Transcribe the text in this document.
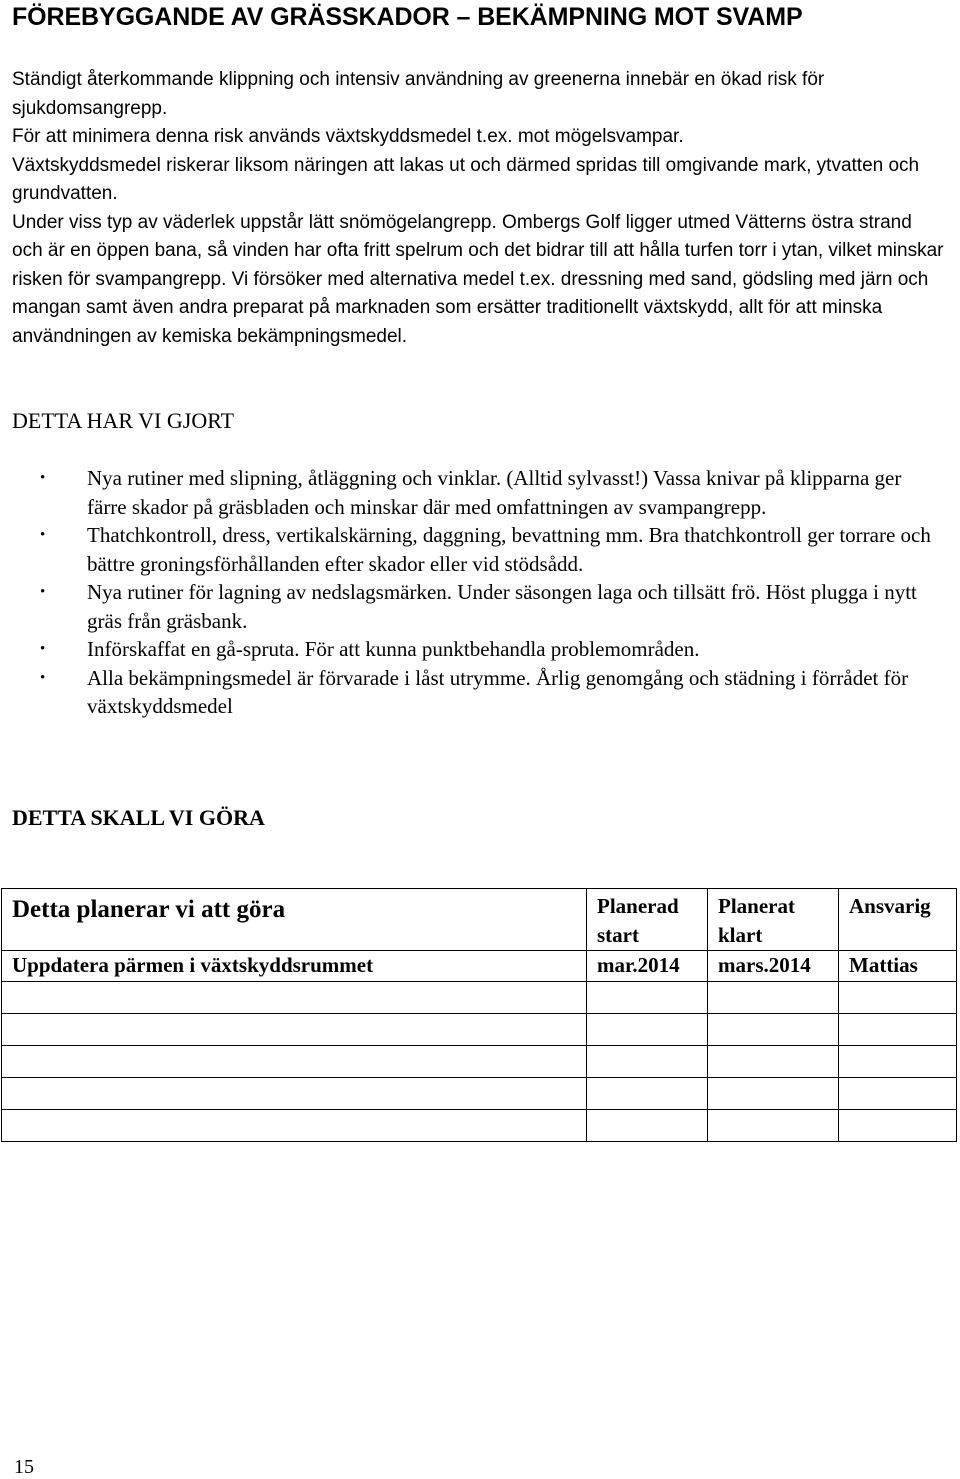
FÖREBYGGANDE AV GRÄSSKADOR – BEKÄMPNING MOT SVAMP

Ständigt återkommande klippning och intensiv användning av greenerna innebär en ökad risk för sjukdomsangrepp.

För att minimera denna risk används växtskyddsmedel t.ex. mot mögelsvampar.

Växtskyddsmedel riskerar liksom näringen att lakas ut och därmed spridas till omgivande mark, ytvatten och grundvatten.

Under viss typ av väderlek uppstår lätt snömögelangrepp. Ombergs Golf ligger utmed Vätterns östra strand och är en öppen bana, så vinden har ofta fritt spelrum och det bidrar till att hålla turfen torr i ytan, vilket minskar risken för svampangrepp. Vi försöker med alternativa medel t.ex. dressning med sand, gödsling med järn och mangan samt även andra preparat på marknaden som ersätter traditionellt växtskydd, allt för att minska användningen av kemiska bekämpningsmedel.

DETTA HAR VI GJORT
• Nya rutiner med slipning, åtläggning och vinklar. (Alltid sylvasst!) Vassa knivar på klipparna ger färre skador på gräsbladen och minskar där med omfattningen av svampangrepp.
• Thatchkontroll, dress, vertikalskärning, daggning, bevattning mm. Bra thatchkontroll ger torrare och bättre groningsförhållanden efter skador eller vid stödsådd.
• Nya rutiner för lagning av nedslagsmärken. Under säsongen laga och tillsätt frö. Höst plugga i nytt gräs från gräsbank.
• Införskaffat en gå-spruta. För att kunna punktbehandla problemområden.
• Alla bekämpningsmedel är förvarade i låst utrymme. Årlig genomgång och städning i förrådet för växtskyddsmedel
DETTA SKALL VI GÖRA
Detta planerar vi att göra	Planerad start	Planerat klart	Ansvarig
Uppdatera pärmen i växtskyddsrummet	mar.2014	mars.2014	Mattias

15
